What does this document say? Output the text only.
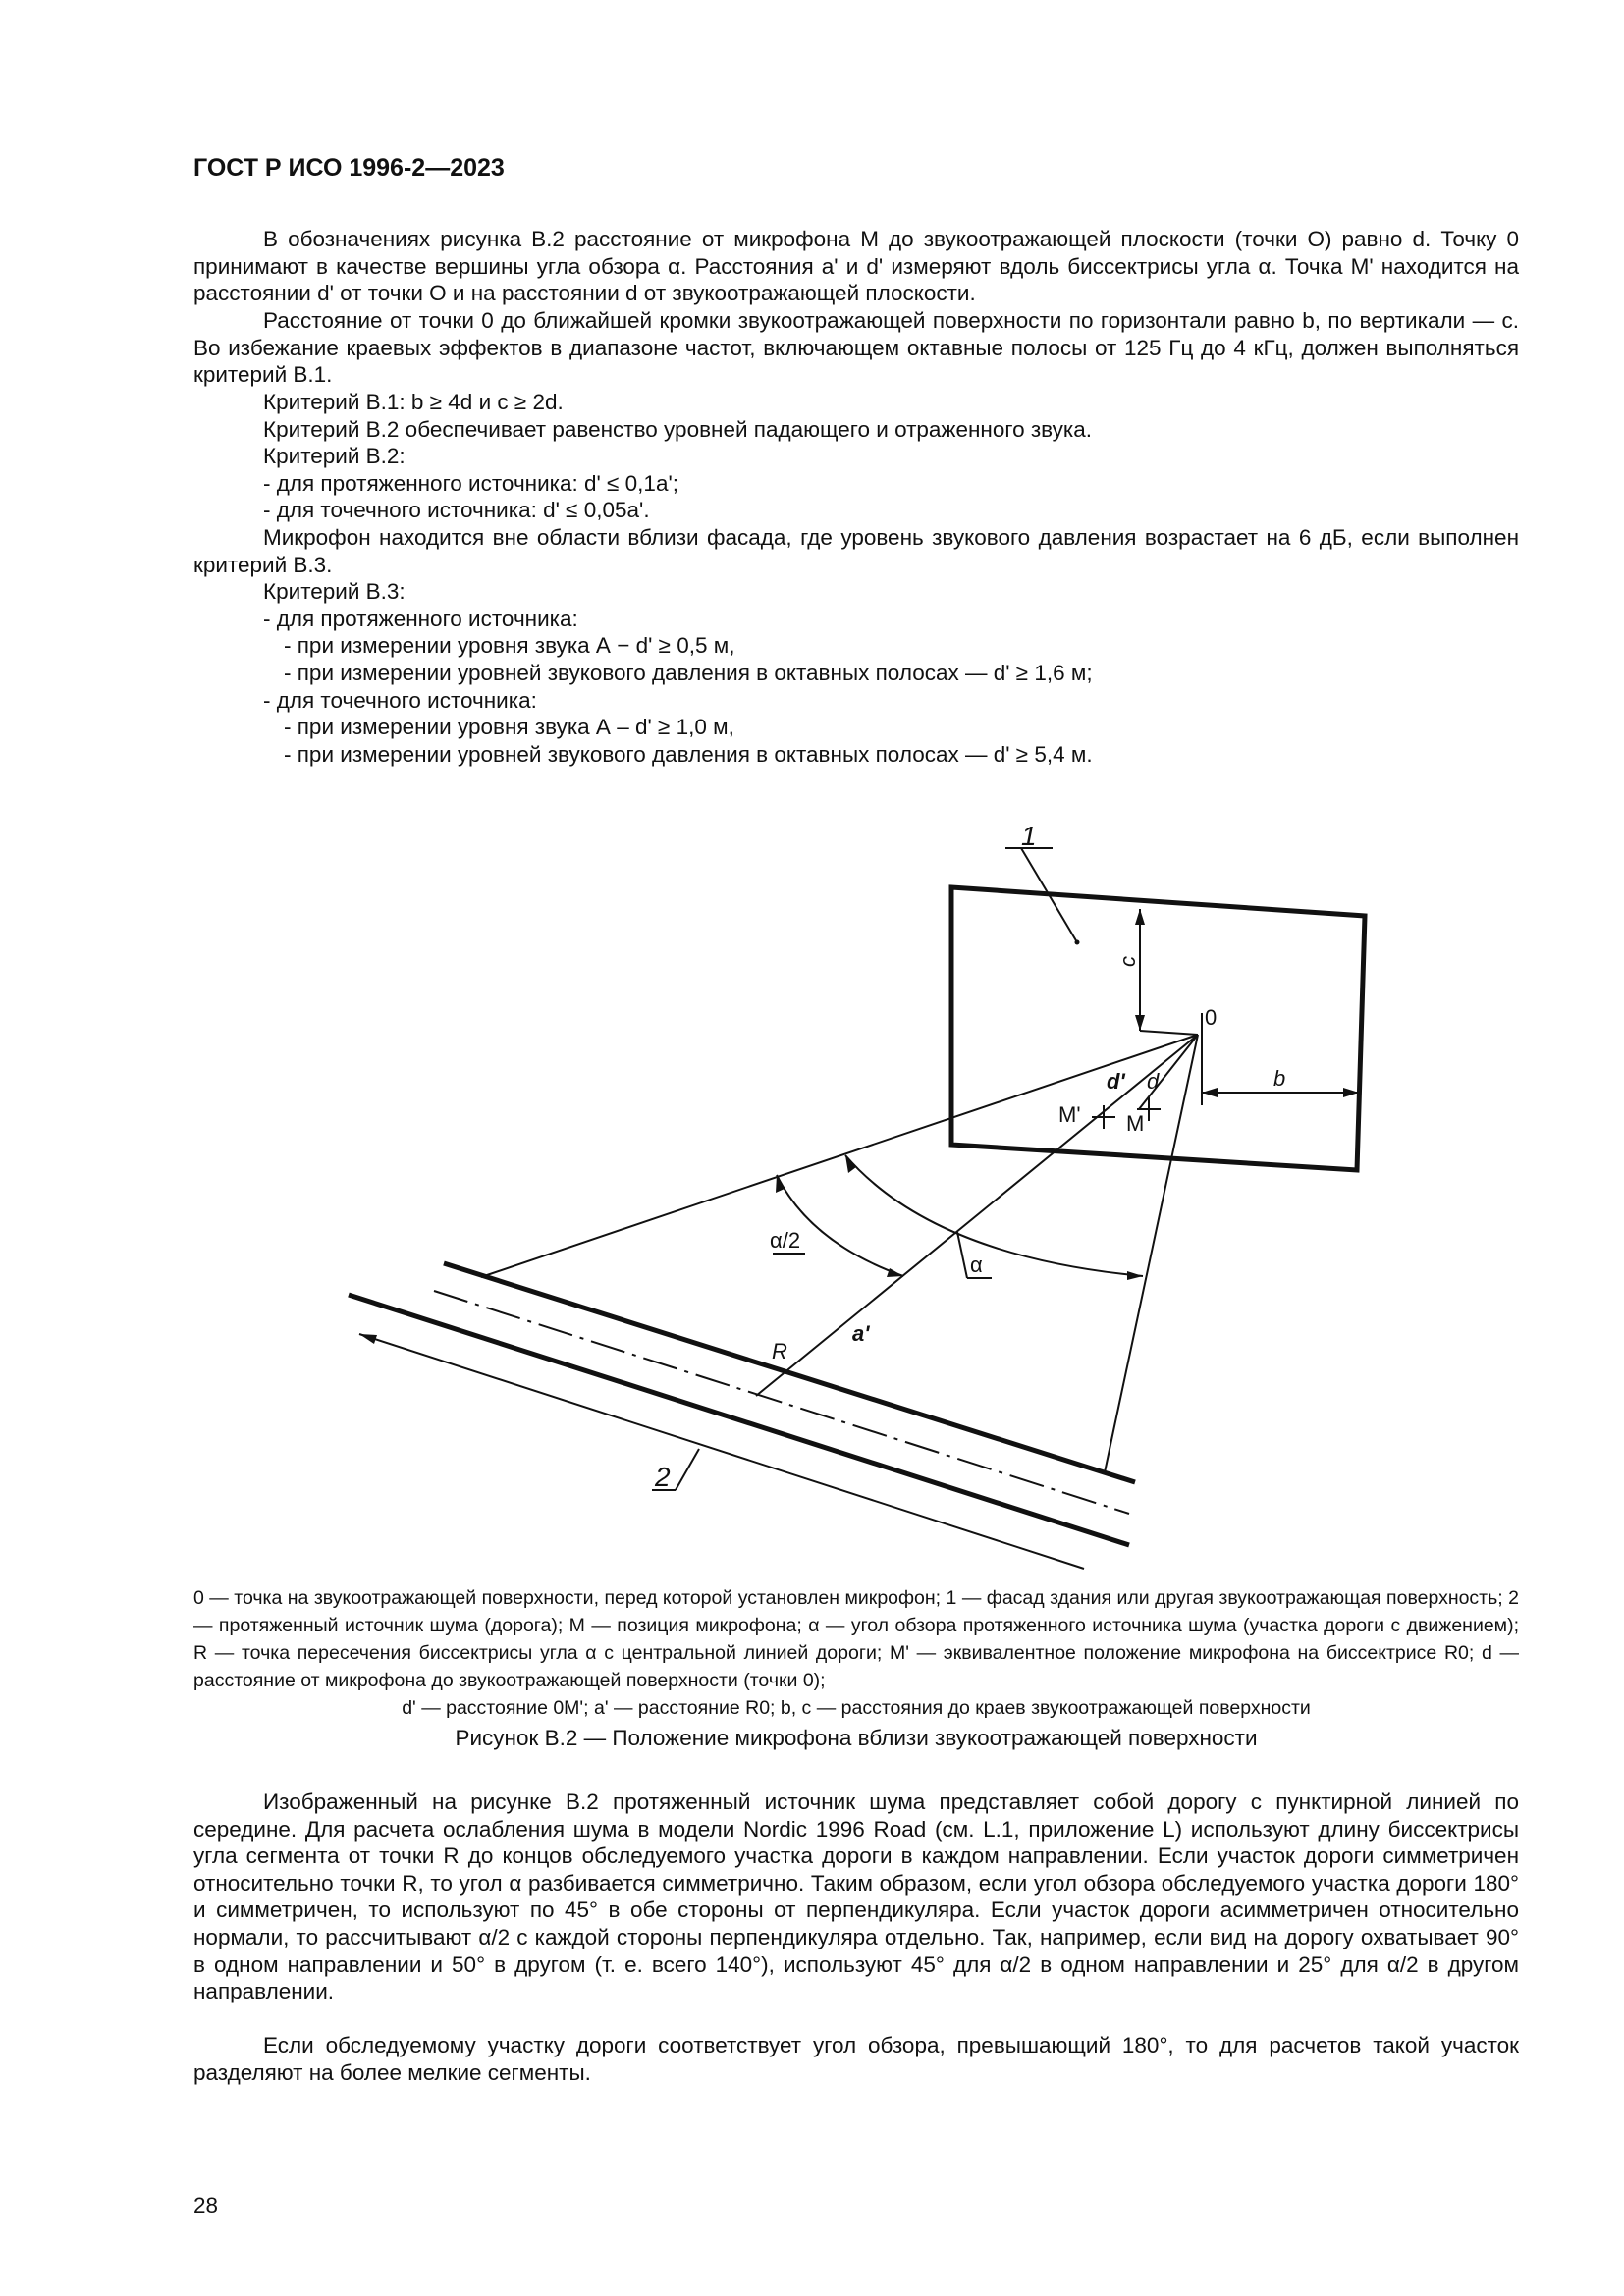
ГОСТ Р ИСО 1996-2—2023
В обозначениях рисунка В.2 расстояние от микрофона М до звукоотражающей плоскости (точки О) равно d. Точку 0 принимают в качестве вершины угла обзора α. Расстояния a' и d' измеряют вдоль биссектрисы угла α. Точка М' находится на расстоянии d' от точки О и на расстоянии d от звукоотражающей плоскости.
Расстояние от точки 0 до ближайшей кромки звукоотражающей поверхности по горизонтали равно b, по вертикали — c. Во избежание краевых эффектов в диапазоне частот, включающем октавные полосы от 125 Гц до 4 кГц, должен выполняться критерий В.1.
Критерий В.1: b ≥ 4d и c ≥ 2d.
Критерий В.2 обеспечивает равенство уровней падающего и отраженного звука.
Критерий В.2:
- для протяженного источника: d' ≤ 0,1a';
- для точечного источника: d' ≤ 0,05a'.
Микрофон находится вне области вблизи фасада, где уровень звукового давления возрастает на 6 дБ, если выполнен критерий В.3.
Критерий В.3:
- для протяженного источника:
- при измерении уровня звука А − d' ≥ 0,5 м,
- при измерении уровней звукового давления в октавных полосах — d' ≥ 1,6 м;
- для точечного источника:
- при измерении уровня звука А – d' ≥ 1,0 м,
- при измерении уровней звукового давления в октавных полосах — d' ≥ 5,4 м.
1
2
0
c
b
d' d
M' M
α/2
α
R
a'
0 — точка на звукоотражающей поверхности, перед которой установлен микрофон; 1 — фасад здания или другая звукоотражающая поверхность; 2 — протяженный источник шума (дорога); М — позиция микрофона; α — угол обзора протяженного источника шума (участка дороги с движением); R — точка пересечения биссектрисы угла α с центральной линией дороги; М' — эквивалентное положение микрофона на биссектрисе R0; d — расстояние от микрофона до звукоотражающей поверхности (точки 0);
d' — расстояние 0М'; a' — расстояние R0; b, c — расстояния до краев звукоотражающей поверхности
Рисунок В.2 — Положение микрофона вблизи звукоотражающей поверхности
Изображенный на рисунке В.2 протяженный источник шума представляет собой дорогу с пунктирной линией по середине. Для расчета ослабления шума в модели Nordic 1996 Road (см. L.1, приложение L) используют длину биссектрисы угла сегмента от точки R до концов обследуемого участка дороги в каждом направлении. Если участок дороги симметричен относительно точки R, то угол α разбивается симметрично. Таким образом, если угол обзора обследуемого участка дороги 180° и симметричен, то используют по 45° в обе стороны от перпендикуляра. Если участок дороги асимметричен относительно нормали, то рассчитывают α/2 с каждой стороны перпендикуляра отдельно. Так, например, если вид на дорогу охватывает 90° в одном направлении и 50° в другом (т. е. всего 140°), используют 45° для α/2 в одном направлении и 25° для α/2 в другом направлении.
Если обследуемому участку дороги соответствует угол обзора, превышающий 180°, то для расчетов такой участок разделяют на более мелкие сегменты.
28
